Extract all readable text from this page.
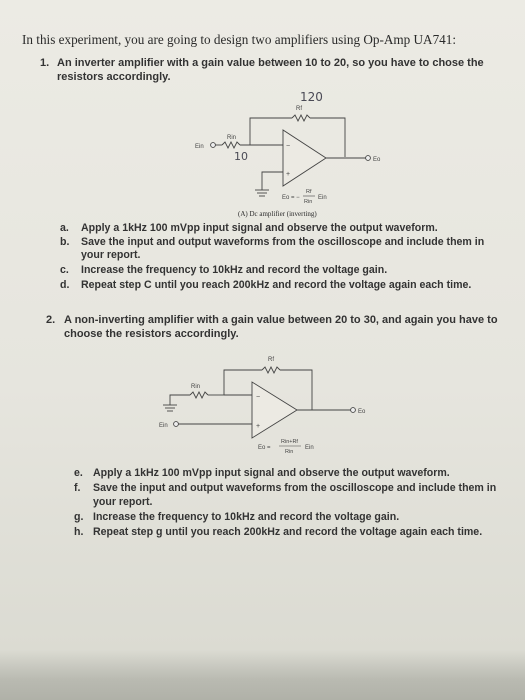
In this experiment, you are going to design two amplifiers using Op-Amp UA741:
1. An inverter amplifier with a gain value between 10 to 20, so you have to chose the
resistors accordingly.
−
+
Rf
Rin
Ein
Eo
Eo = −
Rf
Rin
Ein
120
10
(A) Dc amplifier (inverting)
a. Apply a 1kHz 100 mVpp input signal and observe the output waveform.
b. Save the input and output waveforms from the oscilloscope and include them in
your report.
c. Increase the frequency to 10kHz and record the voltage gain.
d. Repeat step C until you reach 200kHz and record the voltage again each time.
2. A non-inverting amplifier with a gain value between 20 to 30, and again you have to
choose the resistors accordingly.
−
+
Rf
Rin
Ein
Eo
Eo =
Rin+Rf
Rin
Ein
e. Apply a 1kHz 100 mVpp input signal and observe the output waveform.
f. Save the input and output waveforms from the oscilloscope and include them in
your report.
g. Increase the frequency to 10kHz and record the voltage gain.
h. Repeat step g until you reach 200kHz and record the voltage again each time.
